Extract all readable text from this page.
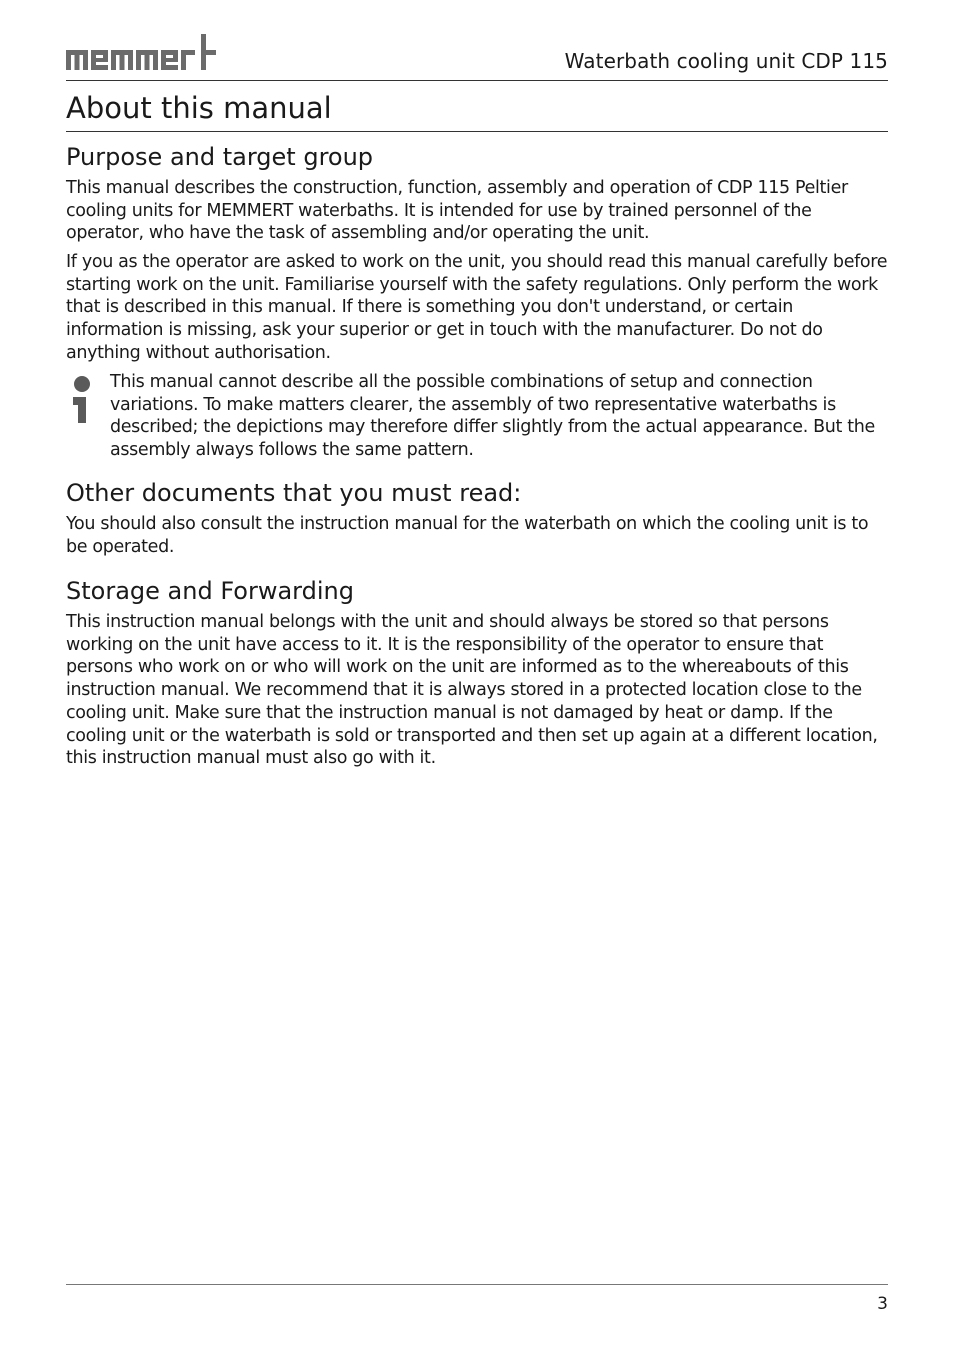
Waterbath cooling unit CDP 115
About this manual
Purpose and target group

This manual describes the construction, function, assembly and operation of CDP 115 Peltier cooling units for MEMMERT waterbaths. It is intended for use by trained personnel of the operator, who have the task of assembling and/or operating the unit.

If you as the operator are asked to work on the unit, you should read this manual carefully before starting work on the unit. Familiarise yourself with the safety regulations. Only perform the work that is described in this manual. If there is something you don't understand, or certain information is missing, ask your superior or get in touch with the manufacturer. Do not do anything without authorisation.

This manual cannot describe all the possible combinations of setup and connection variations. To make matters clearer, the assembly of two representative waterbaths is described; the depictions may therefore differ slightly from the actual appearance. But the assembly always follows the same pattern.

Other documents that you must read:

You should also consult the instruction manual for the waterbath on which the cooling unit is to be operated.

Storage and Forwarding

This instruction manual belongs with the unit and should always be stored so that persons working on the unit have access to it. It is the responsibility of the operator to ensure that persons who work on or who will work on the unit are informed as to the whereabouts of this instruction manual. We recommend that it is always stored in a protected location close to the cooling unit. Make sure that the instruction manual is not damaged by heat or damp. If the cooling unit or the waterbath is sold or transported and then set up again at a different location, this instruction manual must also go with it.

3
